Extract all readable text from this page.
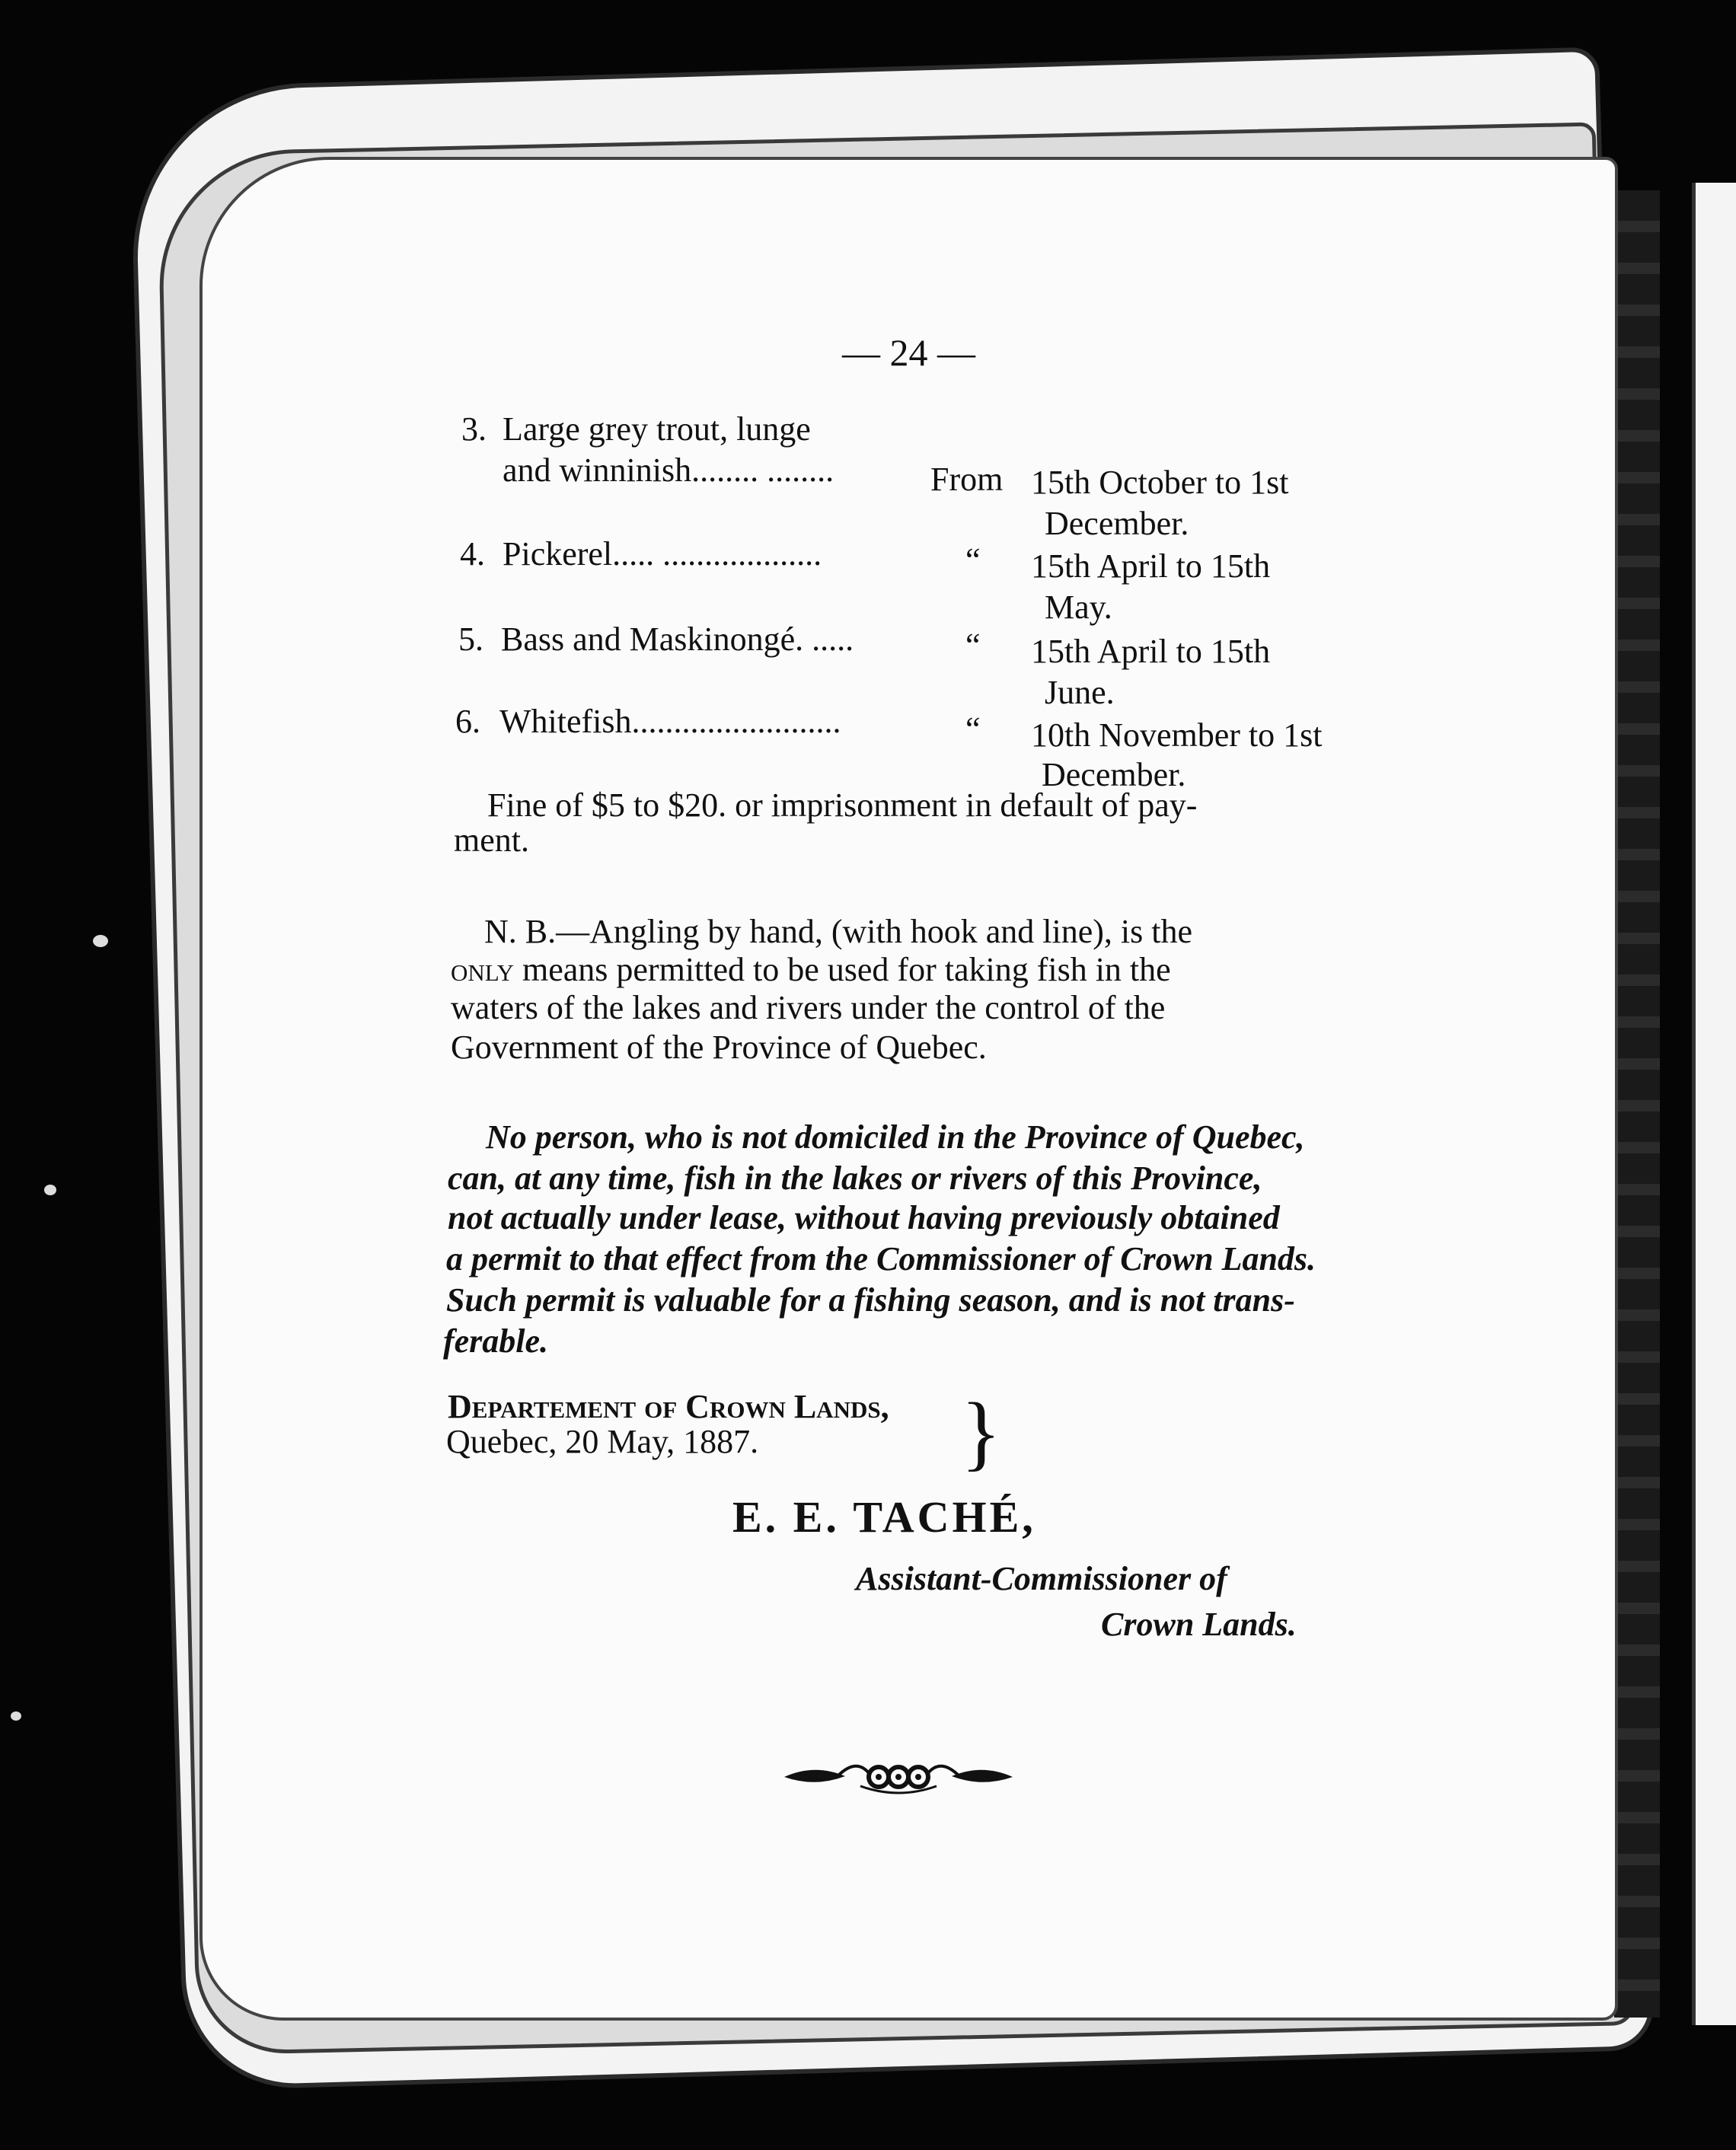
— 24 —
3. Large grey trout, lunge
and winninish........ ........	From 15th October to 1st
December.
4. Pickerel..... ...................	“ 15th April to 15th
May.
5. Bass and Maskinongé. .....	“ 15th April to 15th
June.
6. Whitefish.........................	“ 10th November to 1st
December.
Fine of $5 to $20. or imprisonment in default of pay-
ment.
N. B.—Angling by hand, (with hook and line), is the
only means permitted to be used for taking fish in the
waters of the lakes and rivers under the control of the
Government of the Province of Quebec.
No person, who is not domiciled in the Province of Quebec,
can, at any time, fish in the lakes or rivers of this Province,
not actually under lease, without having previously obtained
a permit to that effect from the Commissioner of Crown Lands.
Such permit is valuable for a fishing season, and is not trans-
ferable.
Departement of Crown Lands,
Quebec, 20 May, 1887. }
E. E. TACHÉ,
Assistant-Commissioner of
Crown Lands.
